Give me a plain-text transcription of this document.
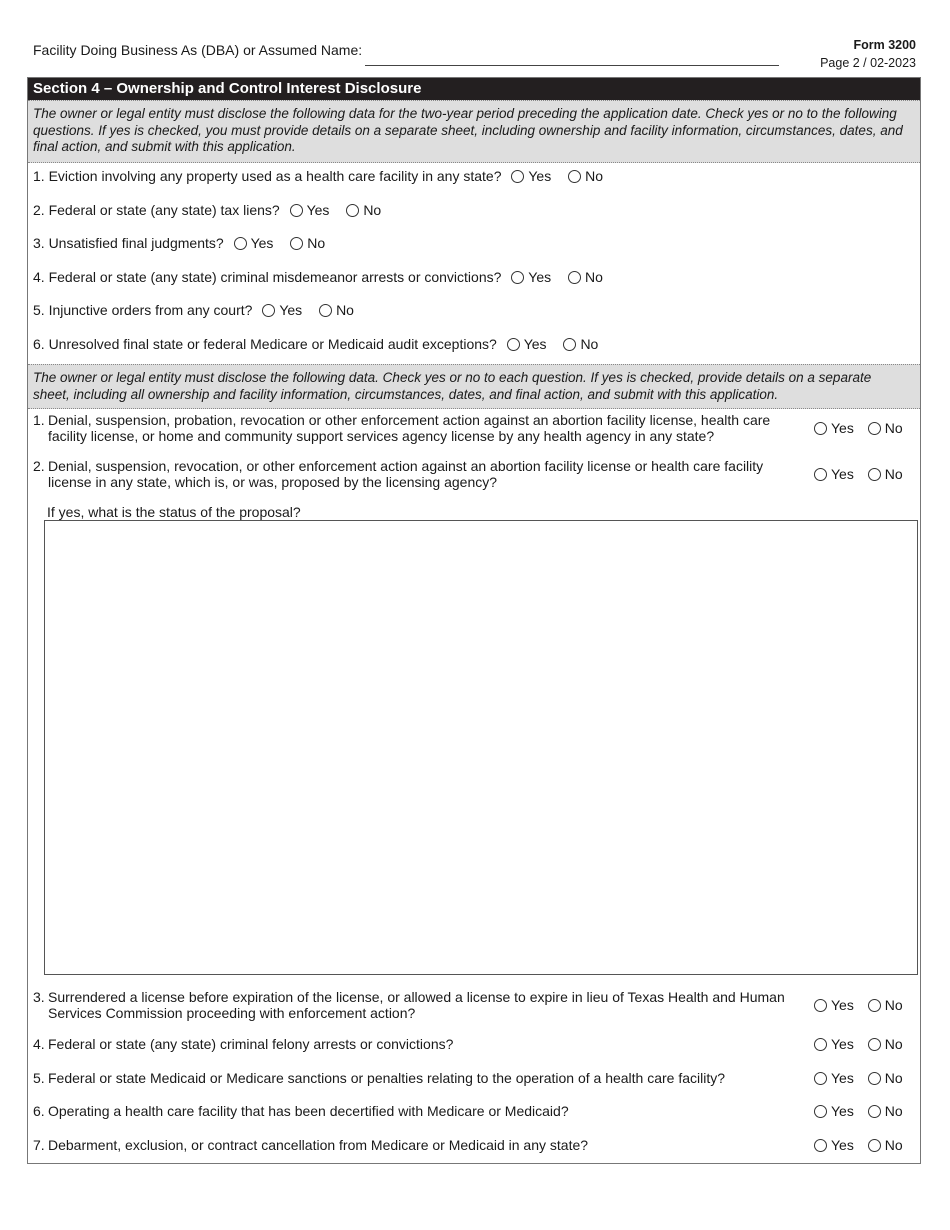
Facility Doing Business As (DBA) or Assumed Name:	Form 3200
Page 2 / 02-2023
Section 4 – Ownership and Control Interest Disclosure
The owner or legal entity must disclose the following data for the two-year period preceding the application date. Check yes or no to the following questions. If yes is checked, you must provide details on a separate sheet, including ownership and facility information, circumstances, dates, and final action, and submit with this application.
1. Eviction involving any property used as a health care facility in any state? Yes No
2. Federal or state (any state) tax liens? Yes No
3. Unsatisfied final judgments? Yes No
4. Federal or state (any state) criminal misdemeanor arrests or convictions? Yes No
5. Injunctive orders from any court? Yes No
6. Unresolved final state or federal Medicare or Medicaid audit exceptions? Yes No
The owner or legal entity must disclose the following data. Check yes or no to each question. If yes is checked, provide details on a separate sheet, including all ownership and facility information, circumstances, dates, and final action, and submit with this application.
1. Denial, suspension, probation, revocation or other enforcement action against an abortion facility license, health care facility license, or home and community support services agency license by any health agency in any state?	Yes No
2. Denial, suspension, revocation, or other enforcement action against an abortion facility license or health care facility license in any state, which is, or was, proposed by the licensing agency?	Yes No
If yes, what is the status of the proposal?
3. Surrendered a license before expiration of the license, or allowed a license to expire in lieu of Texas Health and Human Services Commission proceeding with enforcement action?	Yes No
4. Federal or state (any state) criminal felony arrests or convictions?	Yes No
5. Federal or state Medicaid or Medicare sanctions or penalties relating to the operation of a health care facility?	Yes No
6. Operating a health care facility that has been decertified with Medicare or Medicaid?	Yes No
7. Debarment, exclusion, or contract cancellation from Medicare or Medicaid in any state?	Yes No
